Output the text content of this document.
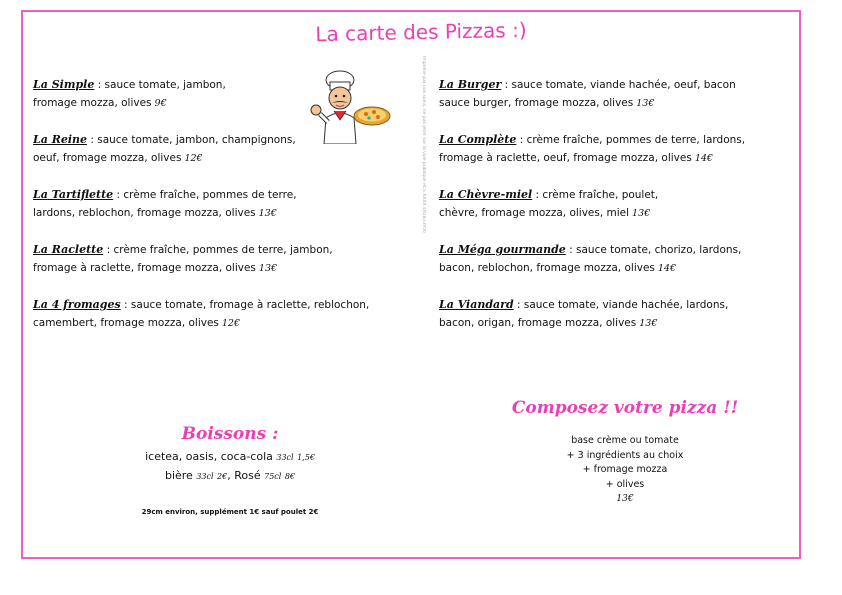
La carte des Pizzas :)
Imprimé par nos soins, ne pas jeter sur la voie publique RCS XXXX 492833956
La Simple : sauce tomate, jambon,
fromage mozza, olives 9€
La Reine : sauce tomate, jambon, champignons,
oeuf, fromage mozza, olives 12€
La Tartiflette : crème fraîche, pommes de terre,
lardons, reblochon, fromage mozza, olives 13€
La Raclette : crème fraîche, pommes de terre, jambon,
fromage à raclette, fromage mozza, olives 13€
La 4 fromages : sauce tomate, fromage à raclette, reblochon,
camembert, fromage mozza, olives 12€
La Burger : sauce tomate, viande hachée, oeuf, bacon
sauce burger, fromage mozza, olives 13€
La Complète : crème fraîche, pommes de terre, lardons,
fromage à raclette, oeuf, fromage mozza, olives 14€
La Chèvre-miel : crème fraîche, poulet,
chèvre, fromage mozza, olives, miel 13€
La Méga gourmande : sauce tomate, chorizo, lardons,
bacon, reblochon, fromage mozza, olives 14€
La Viandard : sauce tomate, viande hachée, lardons,
bacon, origan, fromage mozza, olives 13€
Boissons :
icetea, oasis, coca-cola 33cl 1,5€
bière 33cl 2€, Rosé 75cl 8€
29cm environ, supplément 1€ sauf poulet 2€
Composez votre pizza !!
base crème ou tomate
+ 3 ingrédients au choix
+ fromage mozza
+ olives
13€
